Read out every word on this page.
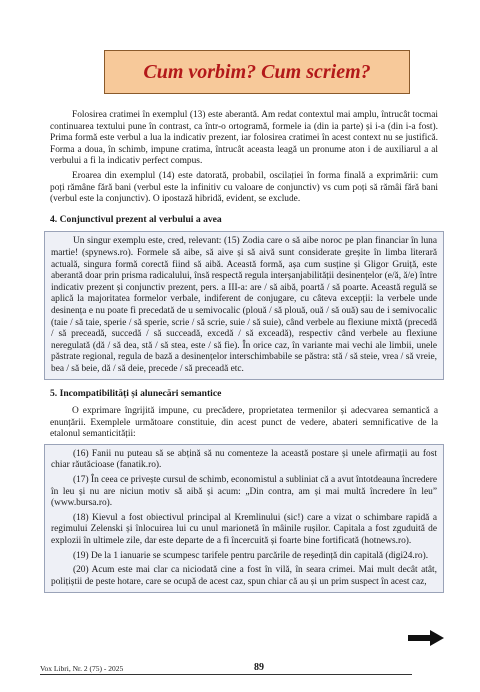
Cum vorbim? Cum scriem?

Folosirea cratimei în exemplul (13) este aberantă. Am redat contextul mai amplu, întrucât tocmai continuarea textului pune în contrast, ca într-o ortogramă, formele ia (din ia parte) și i-a (din i-a fost). Prima formă este verbul a lua la indicativ prezent, iar folosirea cratimei în acest context nu se justifică. Forma a doua, în schimb, impune cratima, întrucât aceasta leagă un pronume aton i de auxiliarul a al verbului a fi la indicativ perfect compus.

Eroarea din exemplul (14) este datorată, probabil, oscilației în forma finală a exprimării: cum poți rămâne fără bani (verbul este la infinitiv cu valoare de conjunctiv) vs cum poți să rămâi fără bani (verbul este la conjunctiv). O ipostază hibridă, evident, se exclude.

4. Conjunctivul prezent al verbului a avea

Un singur exemplu este, cred, relevant: (15) Zodia care o să aibe noroc pe plan financiar în luna martie! (spynews.ro). Formele să aibe, să aive și să aivă sunt considerate greșite în limba literară actuală, singura formă corectă fiind să aibă. Această formă, așa cum susține și Gligor Gruiță, este aberantă doar prin prisma radicalului, însă respectă regula interșanjabilității desinențelor (e/ă, ă/e) între indicativ prezent și conjunctiv prezent, pers. a III-a: are / să aibă, poartă / să poarte. Această regulă se aplică la majoritatea formelor verbale, indiferent de conjugare, cu câteva excepții: la verbele unde desinența e nu poate fi precedată de u semivocalic (plouă / să plouă, ouă / să ouă) sau de i semivocalic (taie / să taie, sperie / să sperie, scrie / să scrie, suie / să suie), când verbele au flexiune mixtă (precedă / să preceadă, succedă / să succeadă, excedă / să exceadă), respectiv când verbele au flexiune neregulată (dă / să dea, stă / să stea, este / să fie). În orice caz, în variante mai vechi ale limbii, unele păstrate regional, regula de bază a desinențelor interschimbabile se păstra: stă / să steie, vrea / să vreie, bea / să beie, dă / să deie, precede / să preceadă etc.

5. Incompatibilități și alunecări semantice

O exprimare îngrijită impune, cu precădere, proprietatea termenilor și adecvarea semantică a enunțării. Exemplele următoare constituie, din acest punct de vedere, abateri semnificative de la etalonul semanticității:

(16) Fanii nu puteau să se abțină să nu comenteze la această postare și unele afirmații au fost chiar răutăcioase (fanatik.ro).

(17) În ceea ce privește cursul de schimb, economistul a subliniat că a avut întotdeauna încredere în leu și nu are niciun motiv să aibă și acum: „Din contra, am și mai multă încredere în leu” (www.bursa.ro).

(18) Kievul a fost obiectivul principal al Kremlinului (sic!) care a vizat o schimbare rapidă a regimului Zelenski și înlocuirea lui cu unul marionetă în mâinile rușilor. Capitala a fost zguduită de explozii în ultimele zile, dar este departe de a fi încercuită și foarte bine fortificată (hotnews.ro).

(19) De la 1 ianuarie se scumpesc tarifele pentru parcările de reședință din capitală (digi24.ro).

(20) Acum este mai clar ca niciodată cine a fost în vilă, în seara crimei. Mai mult decât atât, polițiștii de peste hotare, care se ocupă de acest caz, spun chiar că au și un prim suspect în acest caz,

Vox Libri, Nr. 2 (75) - 2025	89
